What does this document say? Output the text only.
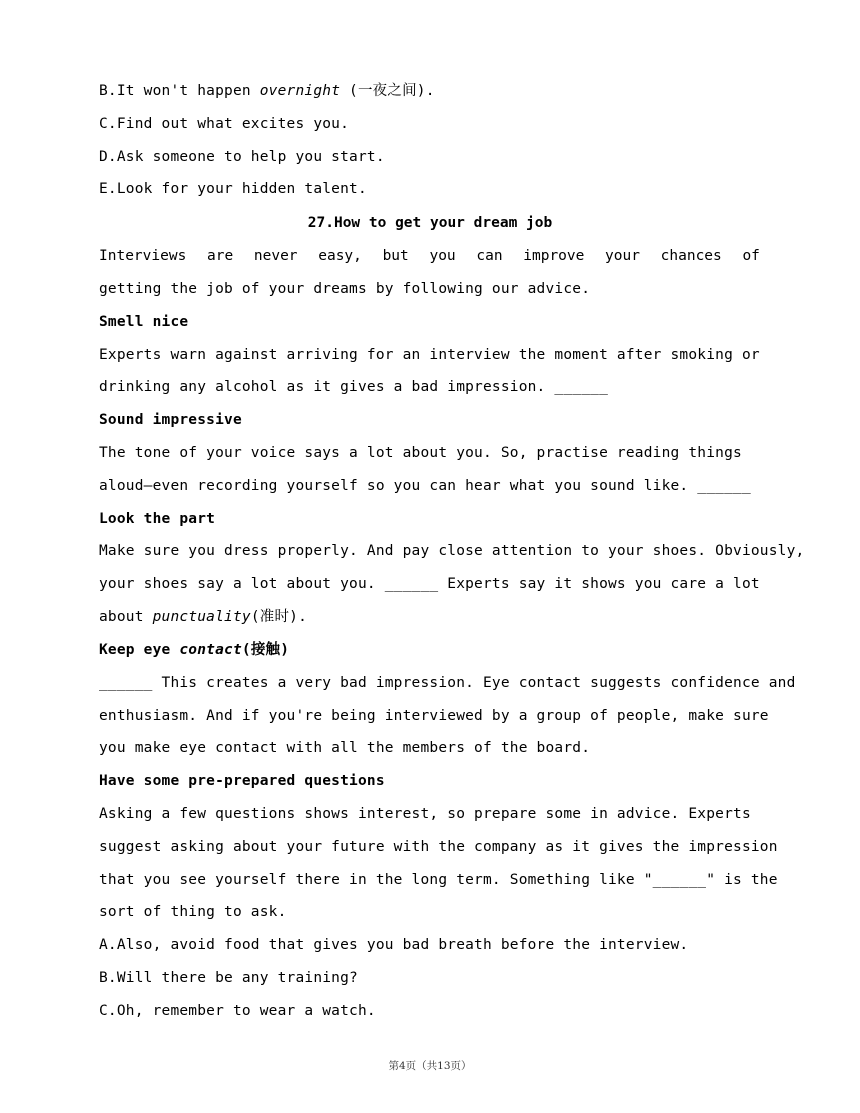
B.It won't happen overnight (一夜之间).
C.Find out what excites you.
D.Ask someone to help you start.
E.Look for your hidden talent.
27.How to get your dream job
Interviews are never easy, but you can improve your chances of
getting the job of your dreams by following our advice.
Smell nice
Experts warn against arriving for an interview the moment after smoking or
drinking any alcohol as it gives a bad impression. ______
Sound impressive
The tone of your voice says a lot about you. So, practise reading things
aloud—even recording yourself so you can hear what you sound like. ______
Look the part
Make sure you dress properly. And pay close attention to your shoes. Obviously,
your shoes say a lot about you. ______ Experts say it shows you care a lot
about punctuality(准时).
Keep eye contact(接触)
______ This creates a very bad impression. Eye contact suggests confidence and
enthusiasm. And if you're being interviewed by a group of people, make sure
you make eye contact with all the members of the board.
Have some pre-prepared questions
Asking a few questions shows interest, so prepare some in advice. Experts
suggest asking about your future with the company as it gives the impression
that you see yourself there in the long term. Something like "______" is the
sort of thing to ask.
A.Also, avoid food that gives you bad breath before the interview.
B.Will there be any training?
C.Oh, remember to wear a watch.
第4页（共13页）
